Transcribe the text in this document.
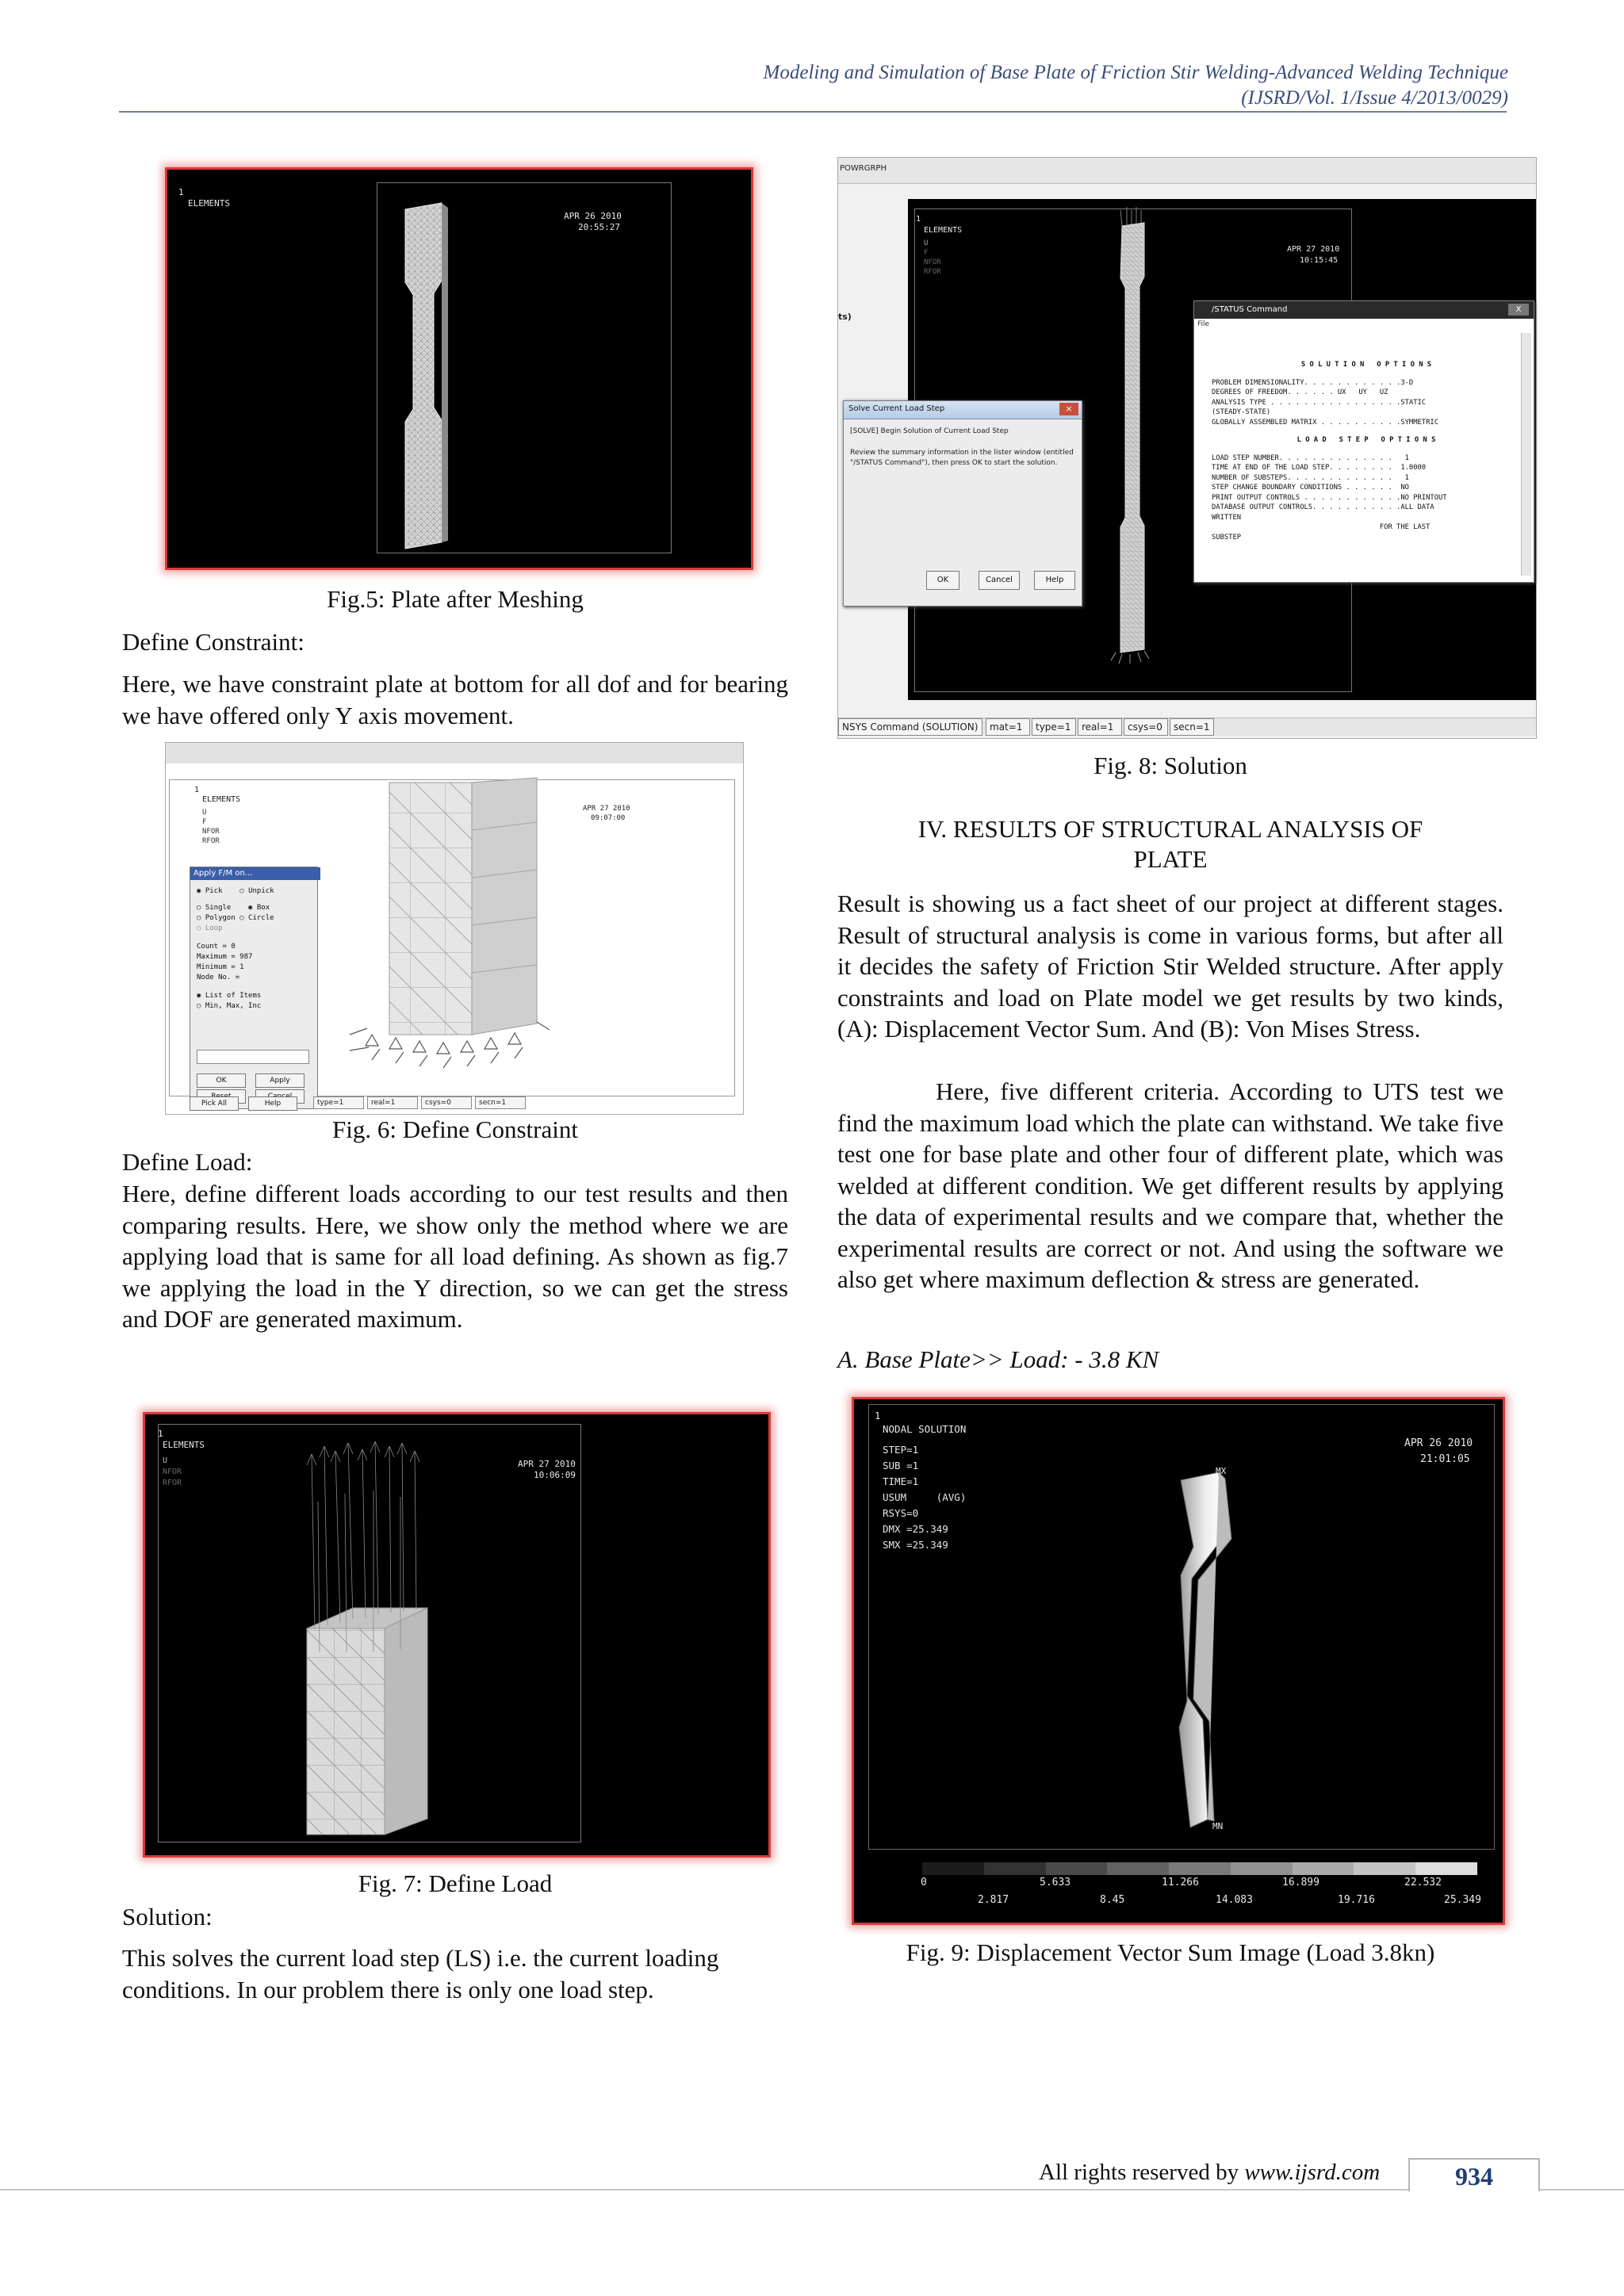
Modeling and Simulation of Base Plate of Friction Stir Welding-Advanced Welding Technique
(IJSRD/Vol. 1/Issue 4/2013/0029)
1
ELEMENTS
APR 26 2010
20:55:27
Fig.5: Plate after Meshing
Define Constraint:
Here, we have constraint plate at bottom for all dof and for bearing we have offered only Y axis movement.
1
ELEMENTS
U
F
NFOR
RFOR
APR 27 2010
09:07:00
Apply F/M on...
◉ Pick ○ Unpick
○ Single ◉ Box
○ Polygon ○ Circle
○ Loop
Count = 0
Maximum = 987
Minimum = 1
Node No. =
◉ List of Items
○ Min, Max, Inc
OK	Apply
Pick All	Help	type=1	real=1	csys=0	secn=1
Fig. 6: Define Constraint
Define Load:
Here, define different loads according to our test results and then comparing results. Here, we show only the method where we are applying load that is same for all load defining. As shown as fig.7 we applying the load in the Y direction, so we can get the stress and DOF are generated maximum.
1
ELEMENTS
U
NFOR
RFOR
APR 27 2010
10:06:09
Fig. 7: Define Load
Solution:
This solves the current load step (LS) i.e. the current loading conditions. In our problem there is only one load step.
POWRGRPH
ts)
1
ELEMENTS
U
F
NFOR
RFOR
APR 27 2010
10:15:45
Solve Current Load Step	×
[SOLVE] Begin Solution of Current Load Step
Review the summary information in the lister window (entitled "/STATUS Command"), then press OK to start the solution.
OK	Cancel	Help
/STATUS Command	X
File
S O L U T I O N   O P T I O N S
PROBLEM DIMENSIONALITY. . . . . . . . . . . .3-D
DEGREES OF FREEDOM. . . . . . UX   UY   UZ
ANALYSIS TYPE . . . . . . . . . . . . . . . .STATIC
(STEADY-STATE)
GLOBALLY ASSEMBLED MATRIX . . . . . . . . . .SYMMETRIC
L O A D   S T E P   O P T I O N S
LOAD STEP NUMBER. . . . . . . . . . . . . .   1
TIME AT END OF THE LOAD STEP. . . . . . . .  1.0000
NUMBER OF SUBSTEPS. . . . . . . . . . . . .   1
STEP CHANGE BOUNDARY CONDITIONS . . . . . .  NO
PRINT OUTPUT CONTROLS . . . . . . . . . . . .NO PRINTOUT
DATABASE OUTPUT CONTROLS. . . . . . . . . . .ALL DATA
WRITTEN
FOR THE LAST
SUBSTEP
NSYS Command (SOLUTION)	mat=1	type=1	real=1	csys=0	secn=1
Fig. 8: Solution
IV. RESULTS OF STRUCTURAL ANALYSIS OF
PLATE
Result is showing us a fact sheet of our project at different stages. Result of structural analysis is come in various forms, but after all it decides the safety of Friction Stir Welded structure. After apply constraints and load on Plate model we get results by two kinds, (A): Displacement Vector Sum. And (B): Von Mises Stress.
Here, five different criteria. According to UTS test we find the maximum load which the plate can withstand. We take five test one for base plate and other four of different plate, which was welded at different condition. We get different results by applying the data of experimental results and we compare that, whether the experimental results are correct or not. And using the software we also get where maximum deflection & stress are generated.
A. Base Plate>> Load: - 3.8 KN
1
NODAL SOLUTION
STEP=1
SUB =1
TIME=1
USUM     (AVG)
RSYS=0
DMX =25.349
SMX =25.349
APR 26 2010
21:01:05
MX
MN
0	5.633	11.266	16.899	22.532
2.817	8.45	14.083	19.716	25.349
Fig. 9: Displacement Vector Sum Image (Load 3.8kn)
All rights reserved by www.ijsrd.com	934
